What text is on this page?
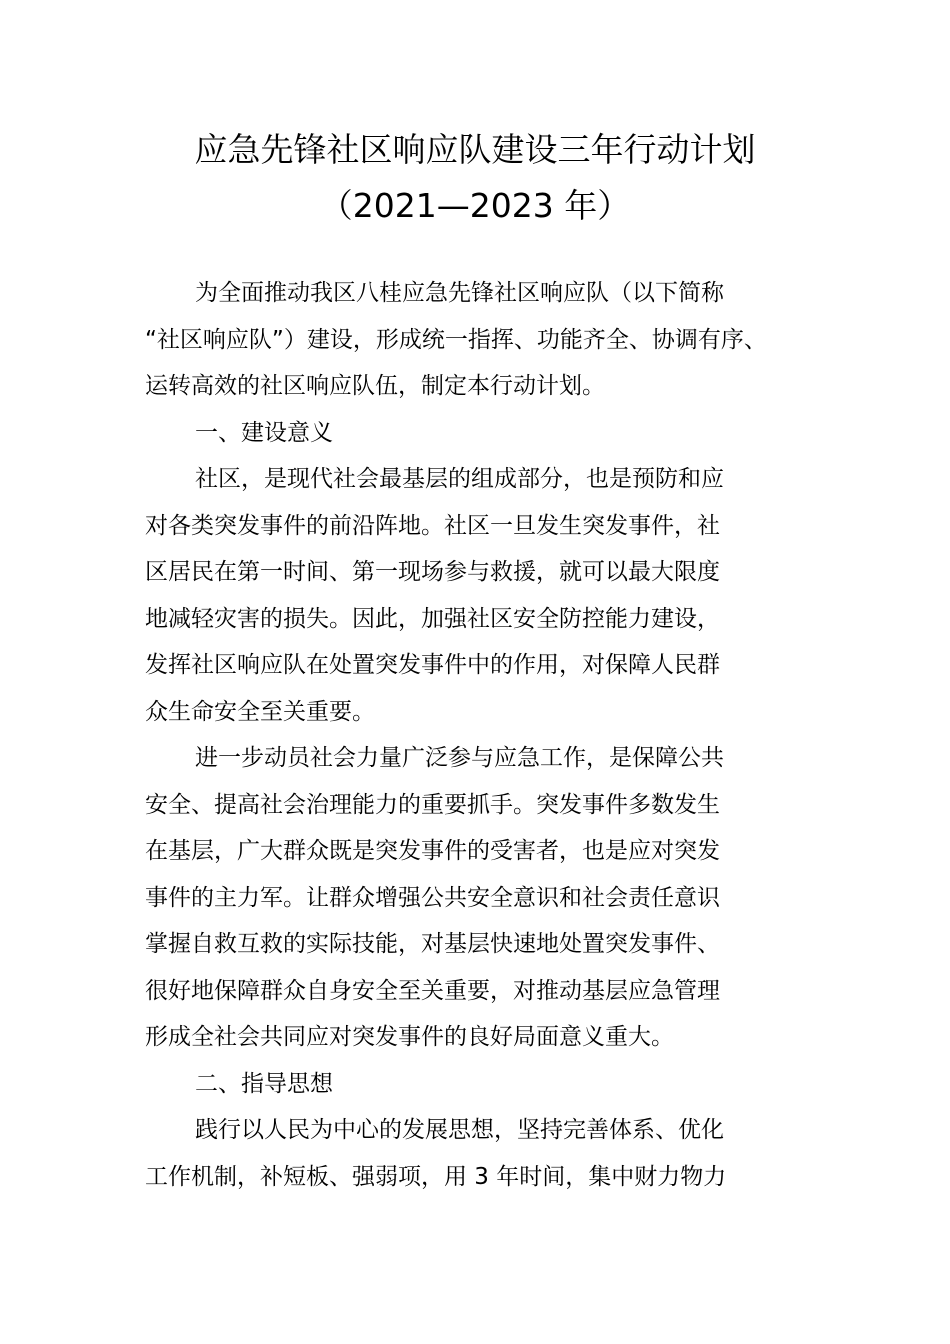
应急先锋社区响应队建设三年行动计划
（2021—2023 年）
为全面推动我区八桂应急先锋社区响应队（以下简称
“社区响应队”）建设，形成统一指挥、功能齐全、协调有序、
运转高效的社区响应队伍，制定本行动计划。
一、建设意义
社区，是现代社会最基层的组成部分，也是预防和应
对各类突发事件的前沿阵地。社区一旦发生突发事件，社
区居民在第一时间、第一现场参与救援，就可以最大限度
地减轻灾害的损失。因此，加强社区安全防控能力建设，
发挥社区响应队在处置突发事件中的作用，对保障人民群
众生命安全至关重要。
进一步动员社会力量广泛参与应急工作，是保障公共
安全、提高社会治理能力的重要抓手。突发事件多数发生
在基层，广大群众既是突发事件的受害者，也是应对突发
事件的主力军。让群众增强公共安全意识和社会责任意识
掌握自救互救的实际技能，对基层快速地处置突发事件、
很好地保障群众自身安全至关重要，对推动基层应急管理
形成全社会共同应对突发事件的良好局面意义重大。
二、指导思想
践行以人民为中心的发展思想，坚持完善体系、优化
工作机制，补短板、强弱项，用 3 年时间，集中财力物力
